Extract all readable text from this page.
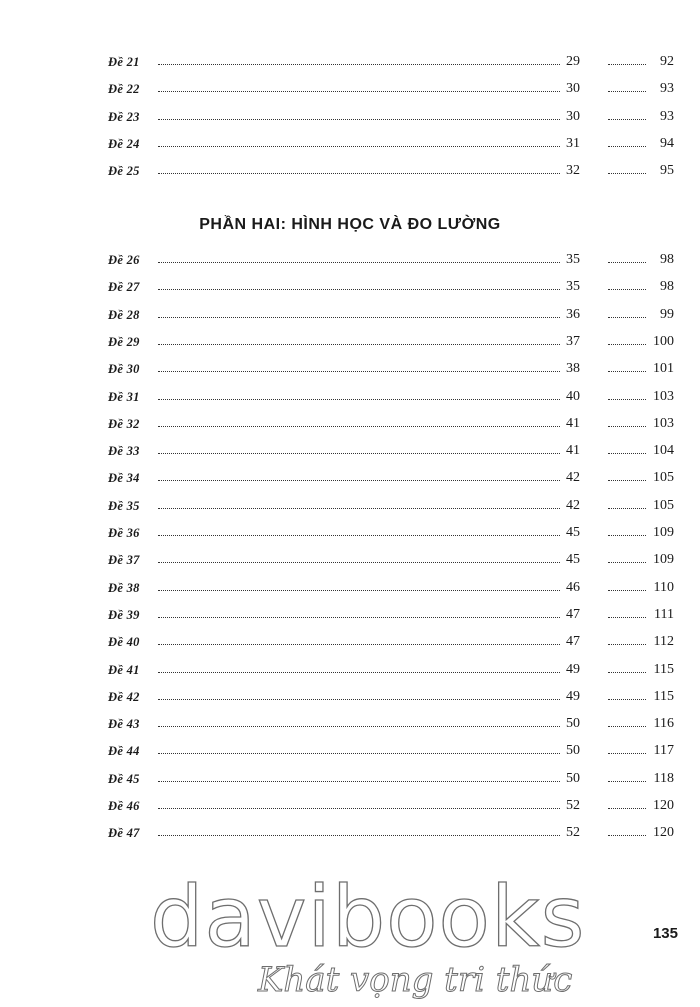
Đề 21	29	92
Đề 22	30	93
Đề 23	30	93
Đề 24	31	94
Đề 25	32	95
Đề 26	35	98
Đề 27	35	98
Đề 28	36	99
Đề 29	37	100
Đề 30	38	101
Đề 31	40	103
Đề 32	41	103
Đề 33	41	104
Đề 34	42	105
Đề 35	42	105
Đề 36	45	109
Đề 37	45	109
Đề 38	46	110
Đề 39	47	111
Đề 40	47	112
Đề 41	49	115
Đề 42	49	115
Đề 43	50	116
Đề 44	50	117
Đề 45	50	118
Đề 46	52	120
Đề 47	52	120
PHẦN HAI: HÌNH HỌC VÀ ĐO LƯỜNG
135
davibooks
Khát vọng tri thức
